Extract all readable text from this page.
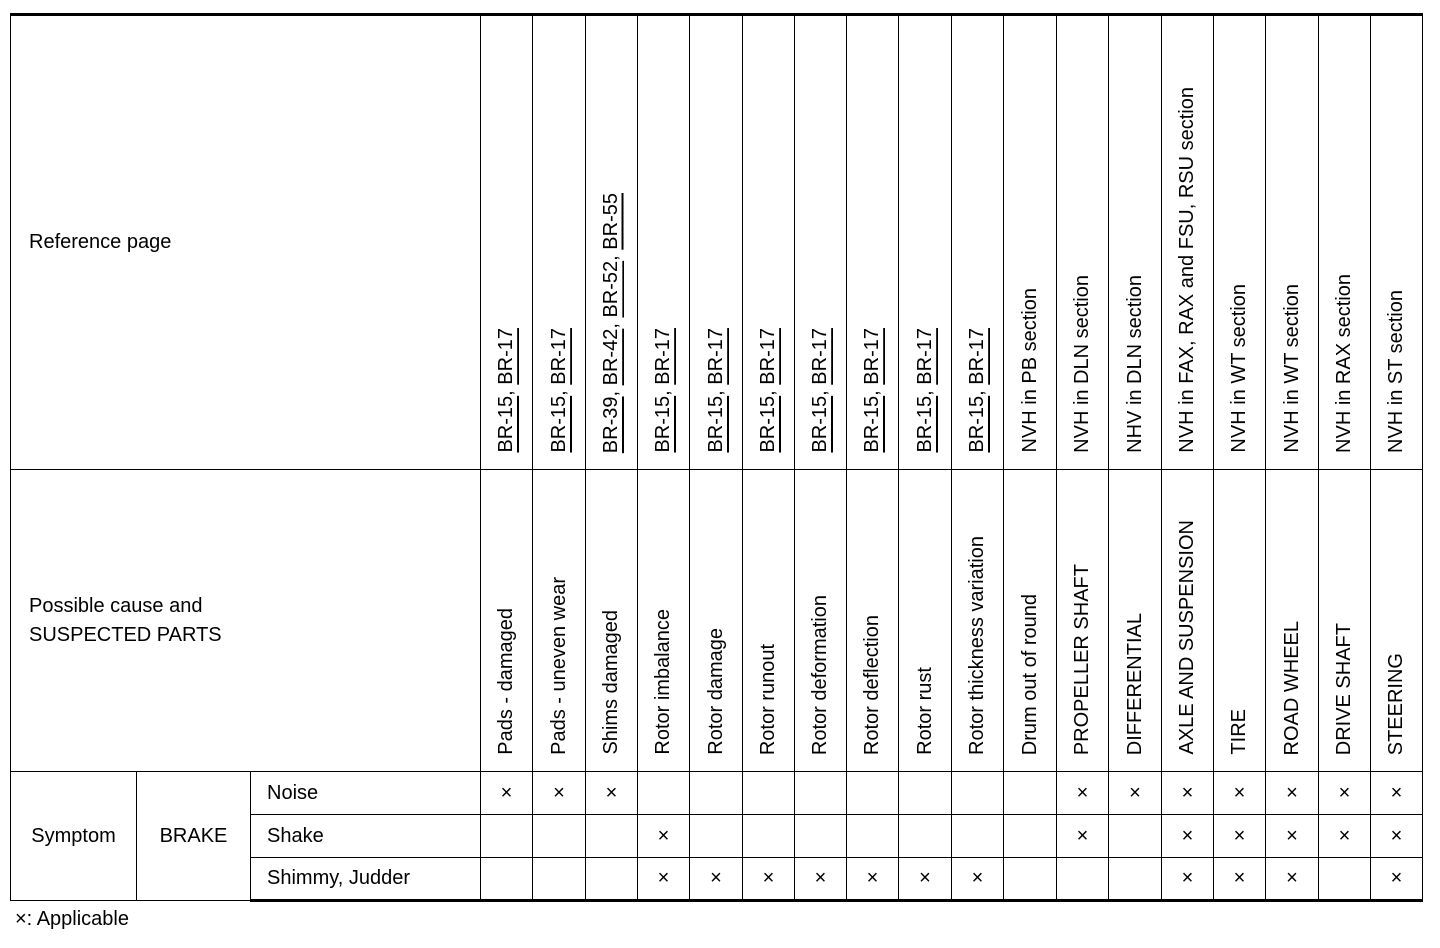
Reference page			BR-15, BR-17	BR-15, BR-17	BR-39, BR-42, BR-52, BR-55	BR-15, BR-17	BR-15, BR-17	BR-15, BR-17	BR-15, BR-17	BR-15, BR-17	BR-15, BR-17	BR-15, BR-17	NVH in PB section	NVH in DLN section	NHV in DLN section	NVH in FAX, RAX and FSU, RSU section	NVH in WT section	NVH in WT section	NVH in RAX section	NVH in ST section

Possible cause and
SUSPECTED PARTS			Pads - damaged	Pads - uneven wear	Shims damaged	Rotor imbalance	Rotor damage	Rotor runout	Rotor deformation	Rotor deflection	Rotor rust	Rotor thickness variation	Drum out of round	PROPELLER SHAFT	DIFFERENTIAL	AXLE AND SUSPENSION	TIRE	ROAD WHEEL	DRIVE SHAFT	STEERING

Symptom	BRAKE	Noise	×	×	×									×	×	×	×	×	×	×
		Shake				×								×		×	×	×	×	×
		Shimmy, Judder				×	×	×	×	×	×	×				×	×	×		×
×: Applicable
